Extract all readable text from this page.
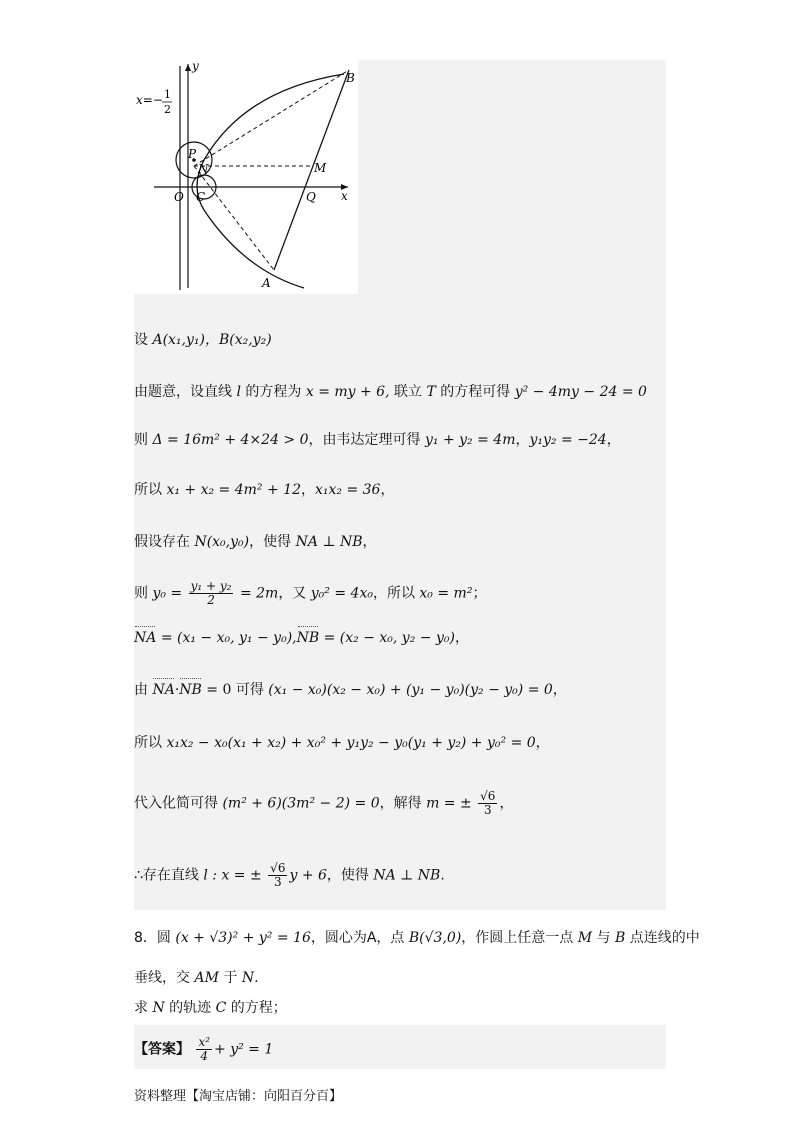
y
x
x=− 1
2
P
N
O C	Q
M
A
B
设 A(x₁,y₁)，B(x₂,y₂)
由题意，设直线 l 的方程为 x = my + 6, 联立 T 的方程可得 y² − 4my − 24 = 0
则 Δ = 16m² + 4×24 > 0，由韦达定理可得 y₁ + y₂ = 4m，y₁y₂ = −24，
所以 x₁ + x₂ = 4m² + 12，x₁x₂ = 36，
假设存在 N(x₀,y₀)，使得 NA ⊥ NB，
则 $y_0 = \frac{\text{y₁ + y₂}}{2} = 2m$，又 y₀² = 4x₀，所以 x₀ = m²；
NA = (x₁ − x₀, y₁ − y₀),NB = (x₂ − x₀, y₂ − y₀)，
由 NA·NB = 0 可得 (x₁ − x₀)(x₂ − x₀) + (y₁ − y₀)(y₂ − y₀) = 0，
所以 x₁x₂ − x₀(x₁ + x₂) + x₀² + y₁y₂ − y₀(y₁ + y₂) + y₀² = 0，
代入化简可得 (m² + 6)(3m² − 2) = 0，解得 m = ± $\frac{√6}{3}$ ，
∴存在直线 l : x = ± $\frac{√6}{3}$ y + 6，使得 NA ⊥ NB.
8．圆 (x + √3)² + y² = 16，圆心为A，点 B(√3,0)，作圆上任意一点 M 与 B 点连线的中
垂线，交 AM 于 N.
求 N 的轨迹 C 的方程；
【答案】 $\frac{\text{x²}}{4} + y^2 = 1$
资料整理【淘宝店铺：向阳百分百】
